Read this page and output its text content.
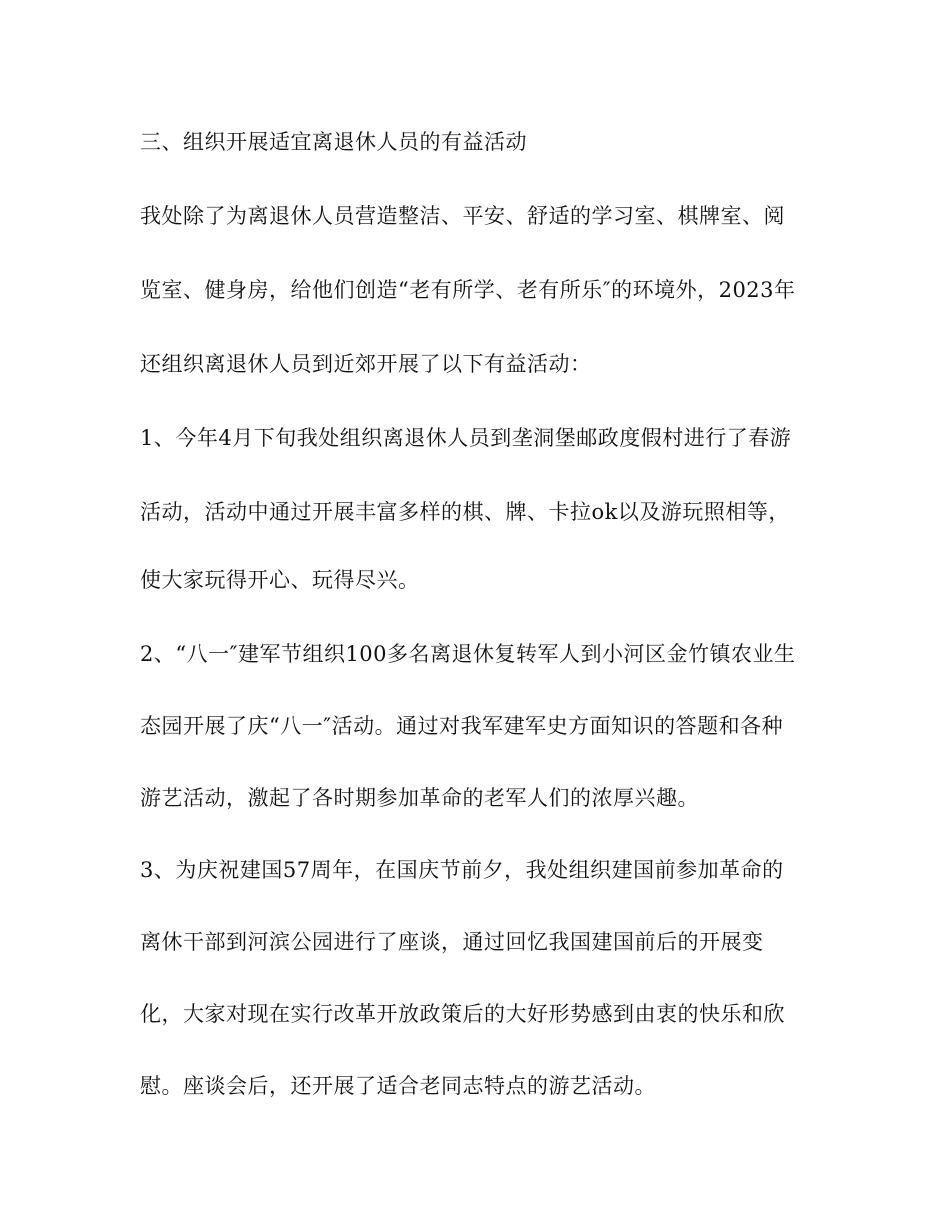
三、组织开展适宜离退休人员的有益活动
我处除了为离退休人员营造整洁、平安、舒适的学习室、棋牌室、阅
览室、健身房，给他们创造“老有所学、老有所乐″的环境外，2023年
还组织离退休人员到近郊开展了以下有益活动：
1、今年4月下旬我处组织离退休人员到垄洞堡邮政度假村进行了春游
活动，活动中通过开展丰富多样的棋、牌、卡拉ok以及游玩照相等，
使大家玩得开心、玩得尽兴。
2、“八一″建军节组织100多名离退休复转军人到小河区金竹镇农业生
态园开展了庆“八一″活动。通过对我军建军史方面知识的答题和各种
游艺活动，激起了各时期参加革命的老军人们的浓厚兴趣。
3、为庆祝建国57周年，在国庆节前夕，我处组织建国前参加革命的
离休干部到河滨公园进行了座谈，通过回忆我国建国前后的开展变
化，大家对现在实行改革开放政策后的大好形势感到由衷的快乐和欣
慰。座谈会后，还开展了适合老同志特点的游艺活动。
